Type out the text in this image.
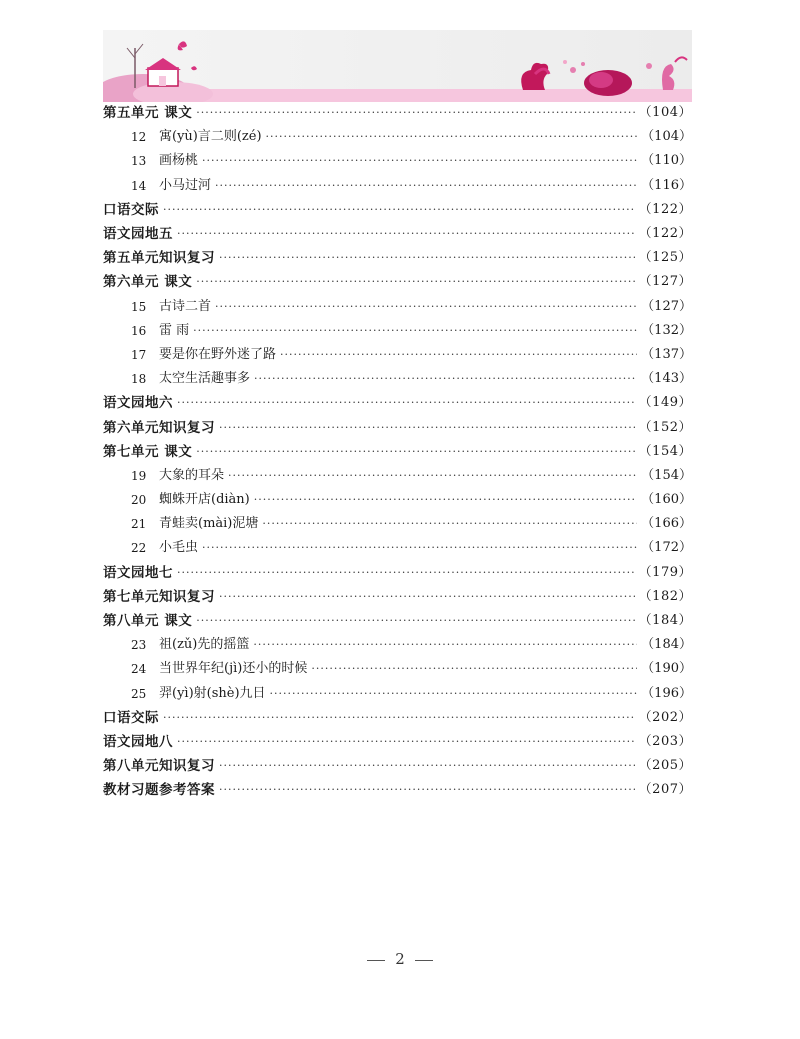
第五单元 课文 ·····	（104）
12 寓(yù)言二则(zé) ·····	（104）
13 画杨桃 ·····	（110）
14 小马过河 ·····	（116）
口语交际 ·····	（122）
语文园地五 ·····	（122）
第五单元知识复习 ·····	（125）
第六单元 课文 ·····	（127）
15 古诗二首 ·····	（127）
16 雷 雨 ·····	（132）
17 要是你在野外迷了路 ·····	（137）
18 太空生活趣事多 ·····	（143）
语文园地六 ·····	（149）
第六单元知识复习 ·····	（152）
第七单元 课文 ·····	（154）
19 大象的耳朵 ·····	（154）
20 蜘蛛开店(diàn) ·····	（160）
21 青蛙卖(mài)泥塘 ·····	（166）
22 小毛虫 ·····	（172）
语文园地七 ·····	（179）
第七单元知识复习 ·····	（182）
第八单元 课文 ·····	（184）
23 祖(zǔ)先的摇篮 ·····	（184）
24 当世界年纪(jì)还小的时候 ·····	（190）
25 羿(yì)射(shè)九日 ·····	（196）
口语交际 ·····	（202）
语文园地八 ·····	（203）
第八单元知识复习 ·····	（205）
教材习题参考答案 ·····	（207）
2
